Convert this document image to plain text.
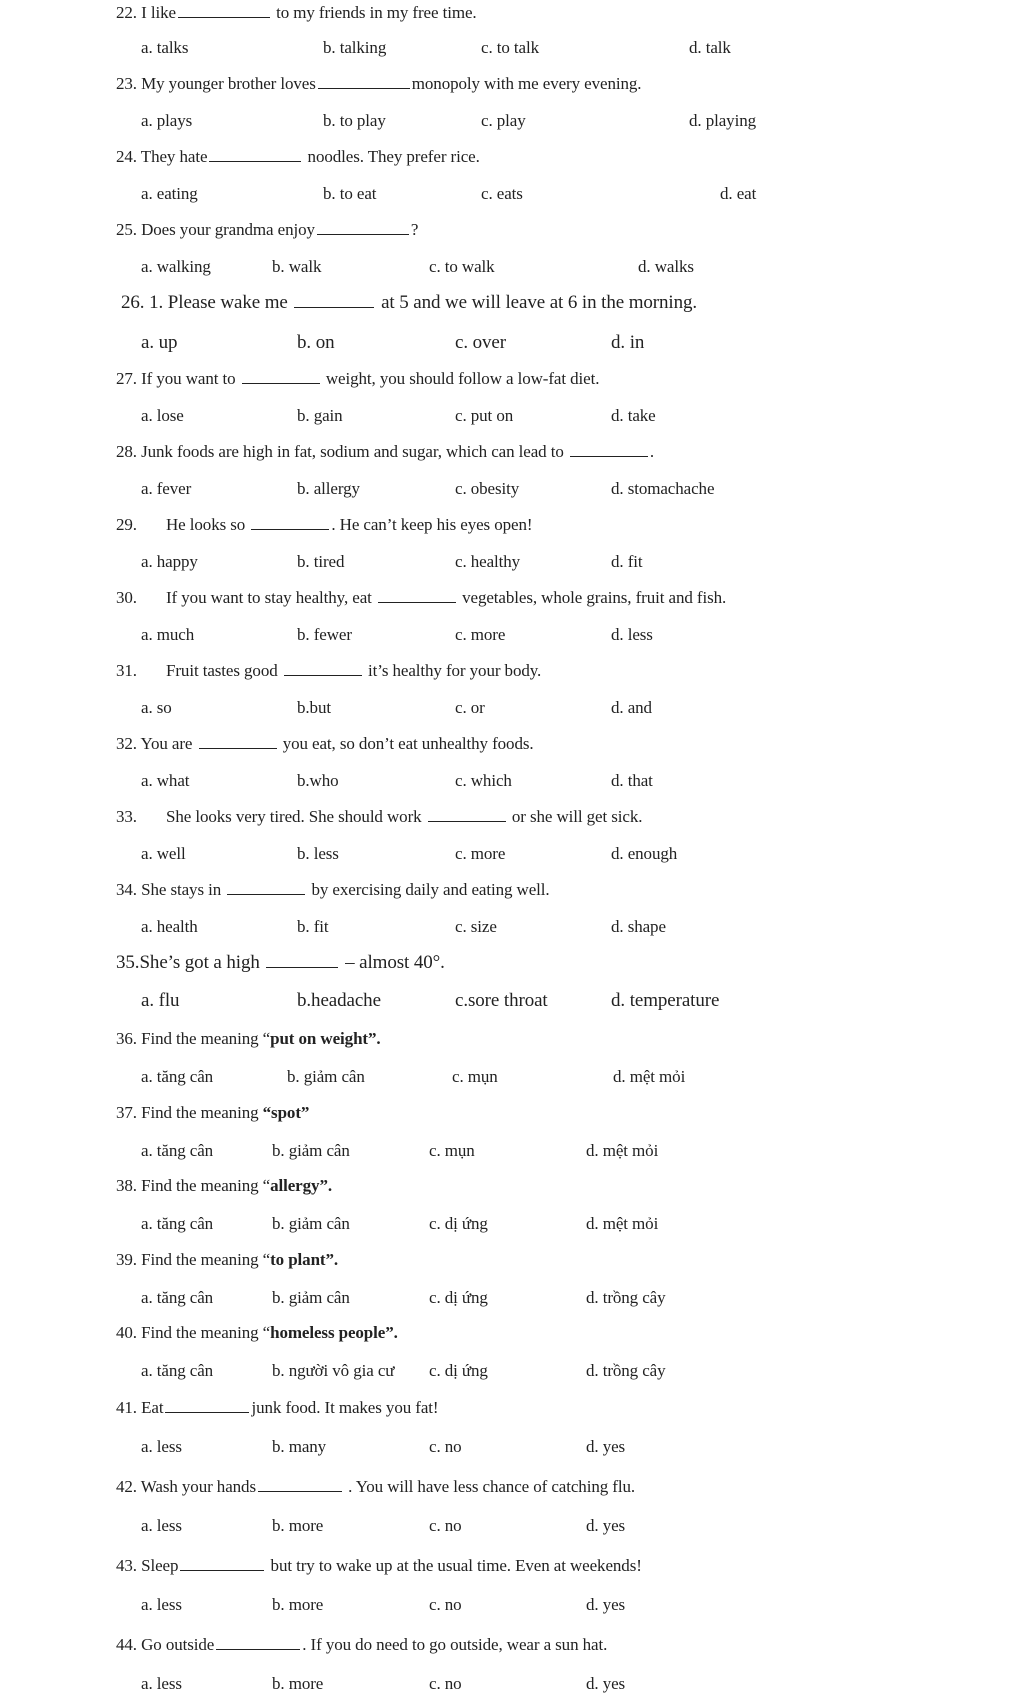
22. I like	to my friends in my free time.
a. talks	b. talking	c. to talk	d. talk
23. My younger brother loves	monopoly with me every evening.
a. plays	b. to play	c. play	d. playing
24. They hate	noodles. They prefer rice.
a. eating	b. to eat	c. eats	d. eat
25. Does your grandma enjoy	?
a. walking	b. walk	c. to walk	d. walks
26. 1. Please wake me	at 5 and we will leave at 6 in the morning.
a. up	b. on	c. over	d. in
27. If you want to	weight, you should follow a low-fat diet.
a. lose	b. gain	c. put on	d. take
28. Junk foods are high in fat, sodium and sugar, which can lead to	.
a. fever	b. allergy	c. obesity	d. stomachache
29. He looks so	. He can’t keep his eyes open!
a. happy	b. tired	c. healthy	d. fit
30. If you want to stay healthy, eat	vegetables, whole grains, fruit and fish.
a. much	b. fewer	c. more	d. less
31. Fruit tastes good	it’s healthy for your body.
a. so	b.but	c. or	d. and
32. You are	you eat, so don’t eat unhealthy foods.
a. what	b.who	c. which	d. that
33. She looks very tired. She should work	or she will get sick.
a. well	b. less	c. more	d. enough
34. She stays in	by exercising daily and eating well.
a. health	b. fit	c. size	d. shape
35.She’s got a high	– almost 40°.
a. flu	b.headache	c.sore throat	d. temperature
36. Find the meaning “put on weight”.
a. tăng cân	b. giảm cân	c. mụn	d. mệt mỏi
37. Find the meaning “spot”
a. tăng cân	b. giảm cân	c. mụn	d. mệt mỏi
38. Find the meaning “allergy”.
a. tăng cân	b. giảm cân	c. dị ứng	d. mệt mỏi
39. Find the meaning “to plant”.
a. tăng cân	b. giảm cân	c. dị ứng	d. trồng cây
40. Find the meaning “homeless people”.
a. tăng cân	b. người vô gia cư c. dị ứng	d. trồng cây
41. Eat	junk food. It makes you fat!
a. less	b. many	c. no	d. yes
42. Wash your hands	. You will have less chance of catching flu.
a. less	b. more	c. no	d. yes
43. Sleep	but try to wake up at the usual time. Even at weekends!
a. less	b. more	c. no	d. yes
44. Go outside	. If you do need to go outside, wear a sun hat.
a. less	b. more	c. no	d. yes
